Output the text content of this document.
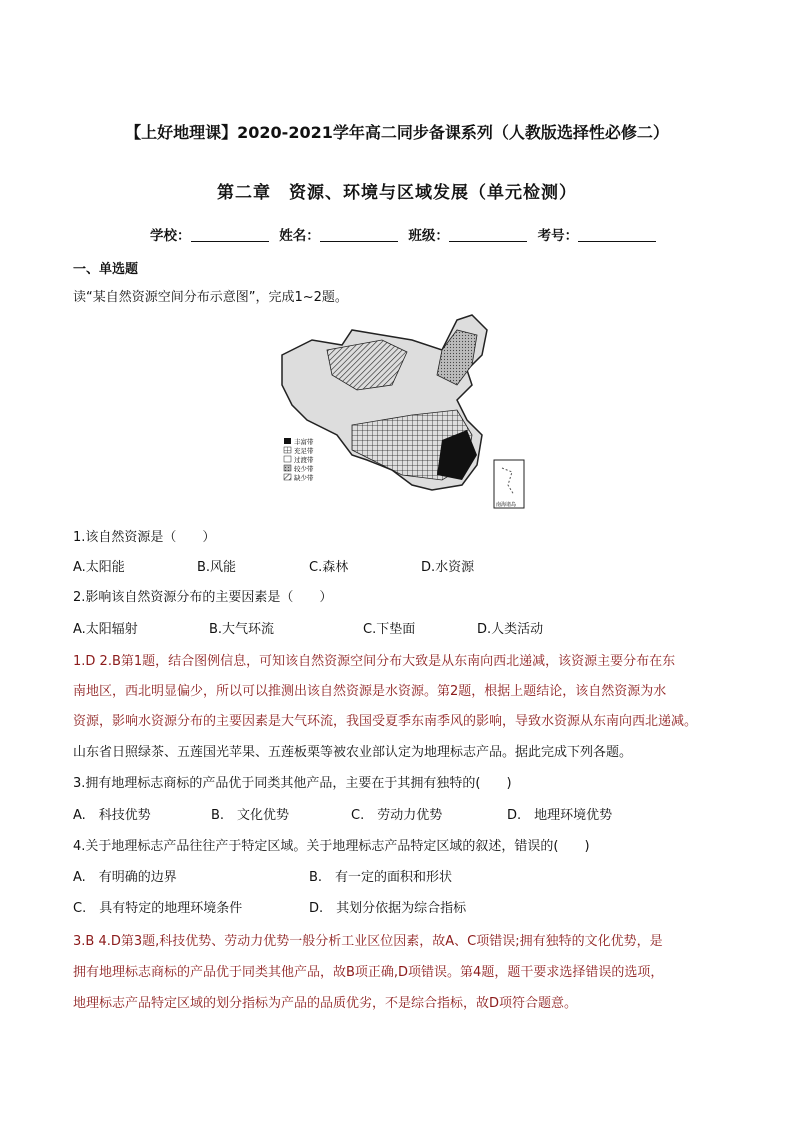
【上好地理课】2020-2021学年高二同步备课系列（人教版选择性必修二）
第二章　资源、环境与区域发展（单元检测）
学校：	姓名：	班级：	考号：
一、单选题
读“某自然资源空间分布示意图”，完成1~2题。
丰富带
充足带
过渡带
较少带
缺少带
南海诸岛
1.该自然资源是（　　）
A.太阳能	B.风能	C.森林	D.水资源
2.影响该自然资源分布的主要因素是（　　）
A.太阳辐射	B.大气环流	C.下垫面	D.人类活动
1.D 2.B第1题，结合图例信息，可知该自然资源空间分布大致是从东南向西北递减，该资源主要分布在东
南地区，西北明显偏少，所以可以推测出该自然资源是水资源。第2题，根据上题结论，该自然资源为水
资源，影响水资源分布的主要因素是大气环流，我国受夏季东南季风的影响，导致水资源从东南向西北递减。
山东省日照绿茶、五莲国光苹果、五莲板栗等被农业部认定为地理标志产品。据此完成下列各题。
3.拥有地理标志商标的产品优于同类其他产品，主要在于其拥有独特的(　　)
A.　科技优势	B.　文化优势	C.　劳动力优势	D.　地理环境优势
4.关于地理标志产品往往产于特定区域。关于地理标志产品特定区域的叙述，错误的(　　)
A.　有明确的边界	B.　有一定的面积和形状
C.　具有特定的地理环境条件	D.　其划分依据为综合指标
3.B 4.D第3题,科技优势、劳动力优势一般分析工业区位因素，故A、C项错误;拥有独特的文化优势，是
拥有地理标志商标的产品优于同类其他产品，故B项正确,D项错误。第4题，题干要求选择错误的选项，
地理标志产品特定区域的划分指标为产品的品质优劣，不是综合指标，故D项符合题意。
